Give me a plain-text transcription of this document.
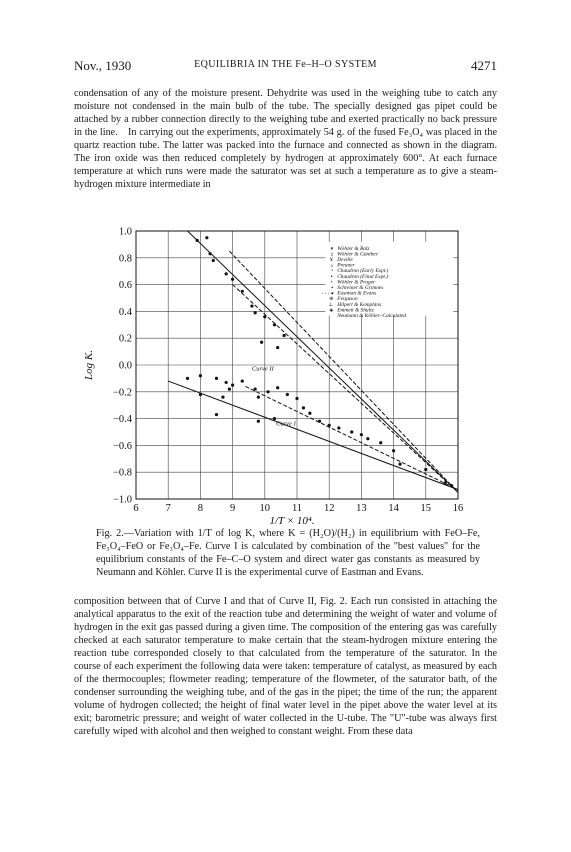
Nov., 1930	EQUILIBRIA IN THE Fe–H–O SYSTEM	4271

condensation of any of the moisture present. Dehydrite was used in the weighing tube to catch any moisture not condensed in the main bulb of the tube. The specially designed gas pipet could be attached by a rubber connection directly to the weighing tube and exerted practically no back pressure in the line. In carrying out the experiments, approximately 54 g. of the fused Fe₃O₄ was placed in the quartz reaction tube. The latter was packed into the furnace and connected as shown in the diagram. The iron oxide was then reduced completely by hydrogen at approximately 600°. At each furnace temperature at which runs were made the saturator was set at such a temperature as to give a steam-hydrogen mixture intermediate in

6	7	8	9 10 11 12 13 14 15 16
1.0
0.8
0.6
0.4
0.2
0.0
−0.2
−0.4
−0.6
−0.8
−1.0
1/T × 10⁴.
Log K.	Curve II
Curve I
▾ Wöhler & Balz
‡ Wöhler & Günther
⊻ Deville
▵ Preuner
• Chaudron (Early Expt.)
‣ Chaudron (Final Expt.)
+ Wöhler & Prager
▪ Schreiner & Grimnes
- - - ◂ Eastman & Evans
⊕ Ferguson
⊥ Hilpert & Kemphins
◈ Emmett & Shultz
Neumann & Köhler–Calculated

Fig. 2.—Variation with 1/T of log K, where K = (H₂O)/(H₂) in equilibrium with FeO–Fe, Fe₃O₄–FeO or Fe₃O₄–Fe. Curve I is calculated by combination of the "best values" for the equilibrium constants of the Fe–C–O system and direct water gas constants as measured by Neumann and Köhler. Curve II is the experimental curve of Eastman and Evans.

composition between that of Curve I and that of Curve II, Fig. 2. Each run consisted in attaching the analytical apparatus to the exit of the reaction tube and determining the weight of water and volume of hydrogen in the exit gas passed during a given time. The composition of the entering gas was carefully checked at each saturator temperature to make certain that the steam-hydrogen mixture entering the reaction tube corresponded closely to that calculated from the temperature of the saturator. In the course of each experiment the following data were taken: temperature of catalyst, as measured by each of the thermocouples; flowmeter reading; temperature of the flowmeter, of the saturator bath, of the condenser surrounding the weighing tube, and of the gas in the pipet; the time of the run; the apparent volume of hydrogen collected; the height of final water level in the pipet above the water level at its exit; barometric pressure; and weight of water collected in the U-tube. The "U"-tube was always first carefully wiped with alcohol and then weighed to constant weight. From these data
